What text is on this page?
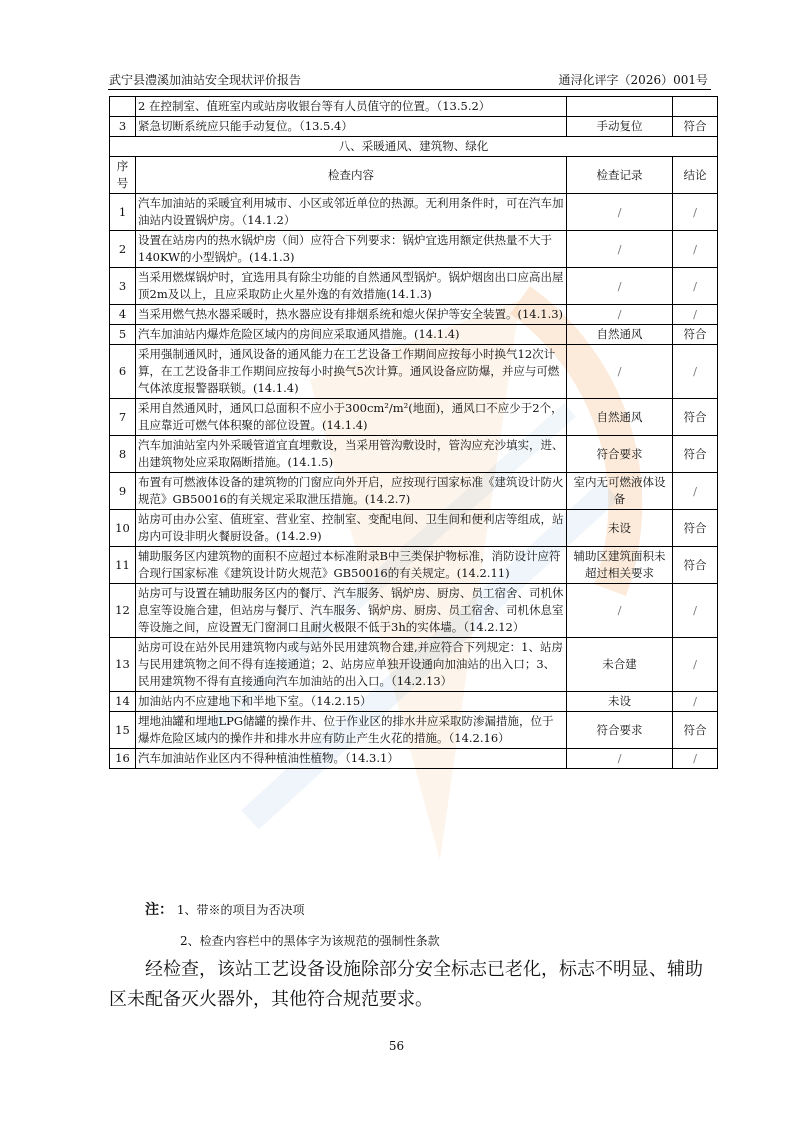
武宁县澧溪加油站安全现状评价报告	通浔化评字（2026）001号
	2 在控制室、值班室内或站房收银台等有人员值守的位置。（13.5.2）		
3	紧急切断系统应只能手动复位。（13.5.4）	手动复位	符合
八、采暖通风、建筑物、绿化			
序号	检查内容	检查记录	结论
1	汽车加油站的采暖宜利用城市、小区或邻近单位的热源。无利用条件时，可在汽车加油站内设置锅炉房。（14.1.2）	/	/
2	设置在站房内的热水锅炉房（间）应符合下列要求：锅炉宜选用额定供热量不大于140KW的小型锅炉。(14.1.3)	/	/
3	当采用燃煤锅炉时，宜选用具有除尘功能的自然通风型锅炉。锅炉烟囱出口应高出屋顶2m及以上，且应采取防止火星外逸的有效措施(14.1.3)	/	/
4	当采用燃气热水器采暖时，热水器应设有排烟系统和熄火保护等安全装置。(14.1.3)	/	/
5	汽车加油站内爆炸危险区域内的房间应采取通风措施。(14.1.4)	自然通风	符合
6	采用强制通风时，通风设备的通风能力在工艺设备工作期间应按每小时换气12次计算，在工艺设备非工作期间应按每小时换气5次计算。通风设备应防爆，并应与可燃气体浓度报警器联锁。(14.1.4)	/	/
7	采用自然通风时，通风口总面积不应小于300cm²/m²(地面)，通风口不应少于2个，且应靠近可燃气体积聚的部位设置。(14.1.4)	自然通风	符合
8	汽车加油站室内外采暖管道宜直埋敷设，当采用管沟敷设时，管沟应充沙填实，进、出建筑物处应采取隔断措施。(14.1.5)	符合要求	符合
9	布置有可燃液体设备的建筑物的门窗应向外开启，应按现行国家标准《建筑设计防火规范》GB50016的有关规定采取泄压措施。(14.2.7)	室内无可燃液体设备	/
10	站房可由办公室、值班室、营业室、控制室、变配电间、卫生间和便利店等组成，站房内可设非明火餐厨设备。(14.2.9)	未设	符合
11	辅助服务区内建筑物的面积不应超过本标准附录B中三类保护物标准，消防设计应符合现行国家标准《建筑设计防火规范》GB50016的有关规定。(14.2.11)	辅助区建筑面积未超过相关要求	符合
12	站房可与设置在辅助服务区内的餐厅、汽车服务、锅炉房、厨房、员工宿舍、司机休息室等设施合建，但站房与餐厅、汽车服务、锅炉房、厨房、员工宿舍、司机休息室等设施之间，应设置无门窗洞口且耐火极限不低于3h的实体墙。（14.2.12）	/	/
13	站房可设在站外民用建筑物内或与站外民用建筑物合建,并应符合下列规定：1、站房与民用建筑物之间不得有连接通道；2、站房应单独开设通向加油站的出入口；3、民用建筑物不得有直接通向汽车加油站的出入口。（14.2.13）	未合建	/
14	加油站内不应建地下和半地下室。（14.2.15）	未设	/
15	埋地油罐和埋地LPG储罐的操作井、位于作业区的排水井应采取防渗漏措施，位于爆炸危险区域内的操作井和排水井应有防止产生火花的措施。（14.2.16）	符合要求	符合
16	汽车加油站作业区内不得种植油性植物。（14.3.1）	/	/
注： 1、带※的项目为否决项
2、检查内容栏中的黑体字为该规范的强制性条款
经检查，该站工艺设备设施除部分安全标志已老化，标志不明显、辅助区未配备灭火器外，其他符合规范要求。
56
